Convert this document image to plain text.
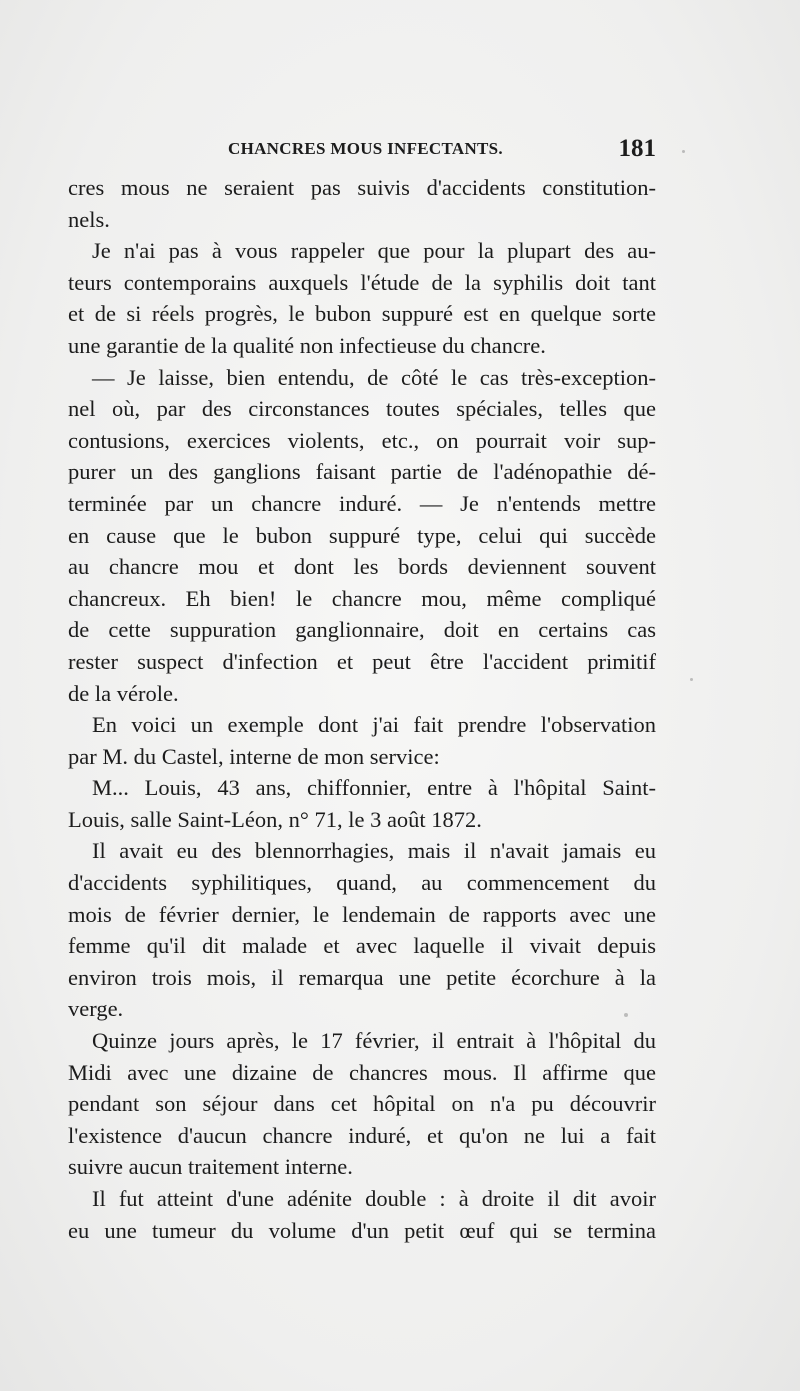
CHANCRES MOUS INFECTANTS.	181
cres mous ne seraient pas suivis d'accidents constitution-
nels.
Je n'ai pas à vous rappeler que pour la plupart des au-
teurs contemporains auxquels l'étude de la syphilis doit tant
et de si réels progrès, le bubon suppuré est en quelque sorte
une garantie de la qualité non infectieuse du chancre.
— Je laisse, bien entendu, de côté le cas très-exception-
nel où, par des circonstances toutes spéciales, telles que
contusions, exercices violents, etc., on pourrait voir sup-
purer un des ganglions faisant partie de l'adénopathie dé-
terminée par un chancre induré. — Je n'entends mettre
en cause que le bubon suppuré type, celui qui succède
au chancre mou et dont les bords deviennent souvent
chancreux. Eh bien! le chancre mou, même compliqué
de cette suppuration ganglionnaire, doit en certains cas
rester suspect d'infection et peut être l'accident primitif
de la vérole.
En voici un exemple dont j'ai fait prendre l'observation
par M. du Castel, interne de mon service:
M... Louis, 43 ans, chiffonnier, entre à l'hôpital Saint-
Louis, salle Saint-Léon, n° 71, le 3 août 1872.
Il avait eu des blennorrhagies, mais il n'avait jamais eu
d'accidents syphilitiques, quand, au commencement du
mois de février dernier, le lendemain de rapports avec une
femme qu'il dit malade et avec laquelle il vivait depuis
environ trois mois, il remarqua une petite écorchure à la
verge.
Quinze jours après, le 17 février, il entrait à l'hôpital du
Midi avec une dizaine de chancres mous. Il affirme que
pendant son séjour dans cet hôpital on n'a pu découvrir
l'existence d'aucun chancre induré, et qu'on ne lui a fait
suivre aucun traitement interne.
Il fut atteint d'une adénite double : à droite il dit avoir
eu une tumeur du volume d'un petit œuf qui se termina
